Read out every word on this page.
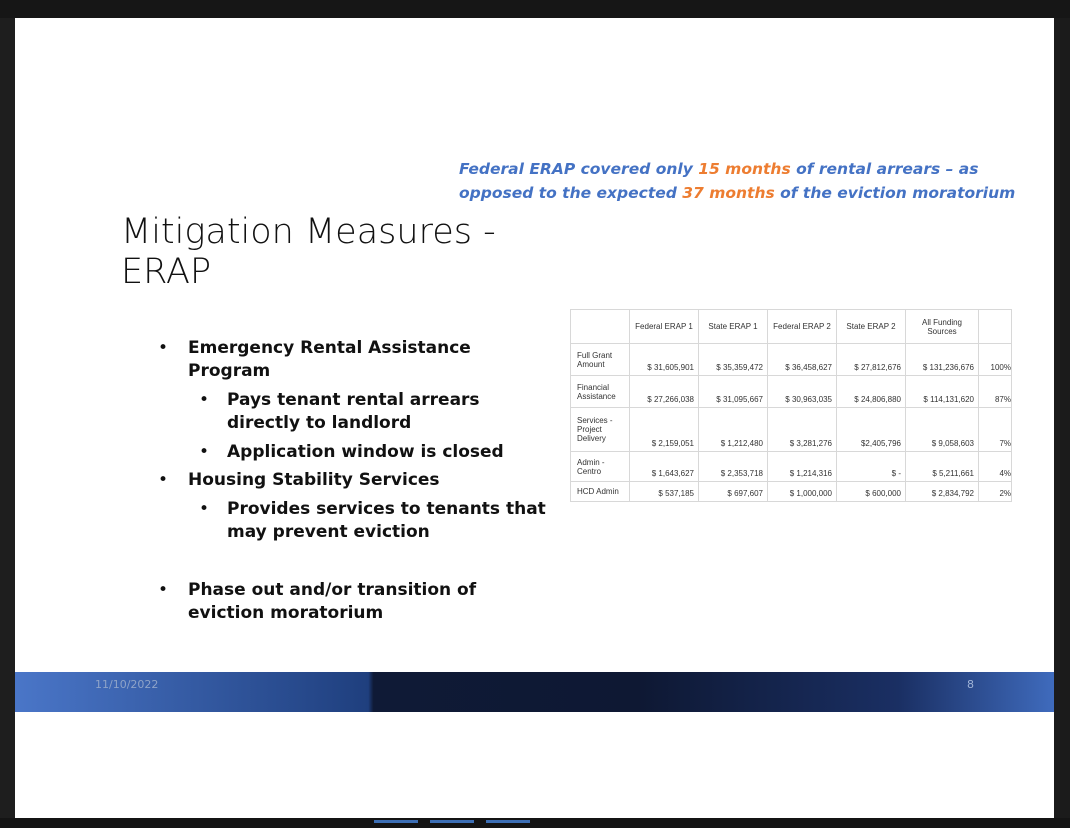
Federal ERAP covered only 15 months of rental arrears – as opposed to the expected 37 months of the eviction moratorium
Mitigation Measures - ERAP
• Emergency Rental Assistance Program
• Pays tenant rental arrears directly to landlord
• Application window is closed
• Housing Stability Services
• Provides services to tenants that may prevent eviction
• Phase out and/or transition of eviction moratorium
	Federal ERAP 1	State ERAP 1	Federal ERAP 2	State ERAP 2	All Funding Sources	
Full Grant Amount	$ 31,605,901	$ 35,359,472	$ 36,458,627	$ 27,812,676	$ 131,236,676	100%
Financial Assistance	$ 27,266,038	$ 31,095,667	$ 30,963,035	$ 24,806,880	$ 114,131,620	87%
Services - Project Delivery	$ 2,159,051	$ 1,212,480	$ 3,281,276	$2,405,796	$ 9,058,603	7%
Admin - Centro	$ 1,643,627	$ 2,353,718	$ 1,214,316	$ -	$ 5,211,661	4%
HCD Admin	$ 537,185	$ 697,607	$ 1,000,000	$ 600,000	$ 2,834,792	2%
11/10/2022	8
